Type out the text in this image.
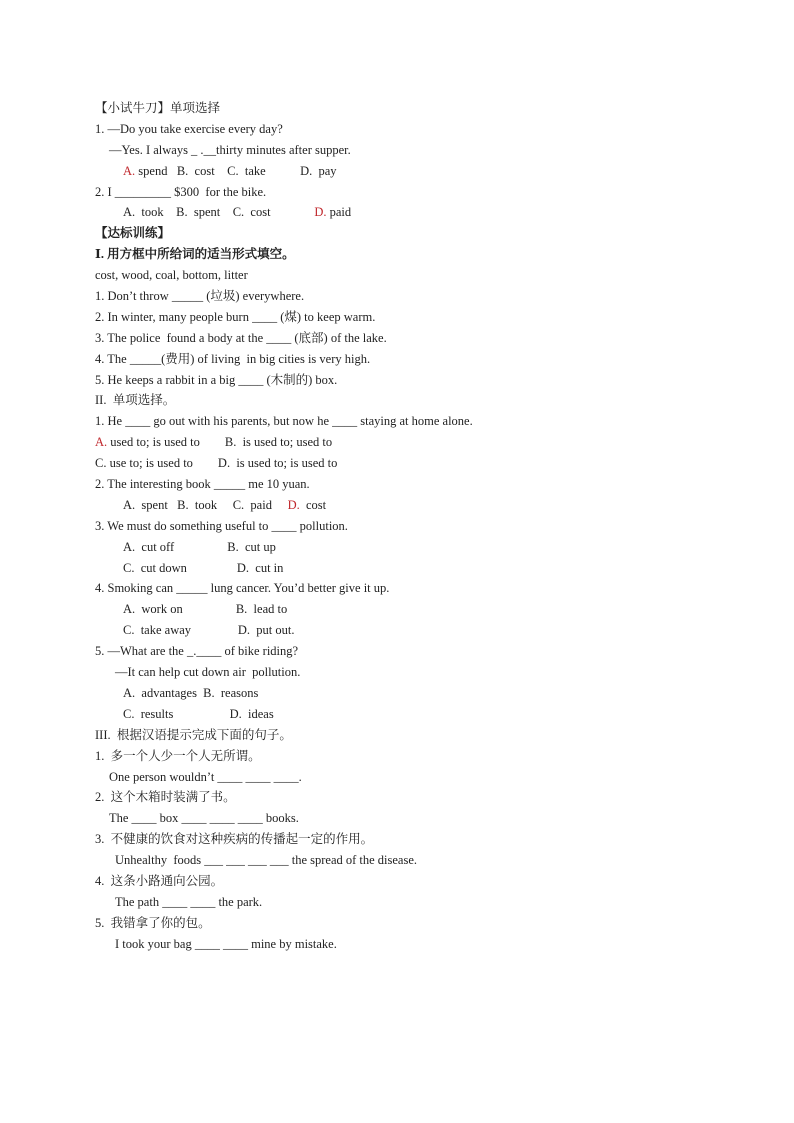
【小试牛刀】单项选择
1. —Do you take exercise every day?
—Yes. I always _ .__thirty minutes after supper.
A. spend   B.  cost    C.  take           D.  pay
2. I _________ $300  for the bike.
A.  took    B.  spent    C.  cost              D. paid
【达标训练】
Ⅰ. 用方框中所给词的适当形式填空。
cost, wood, coal, bottom, litter
1. Don’t throw _____ (垃圾) everywhere.
2. In winter, many people burn ____ (煤) to keep warm.
3. The police  found a body at the ____ (底部) of the lake.
4. The _____(费用) of living  in big cities is very high.
5. He keeps a rabbit in a big ____ (木制的) box.
II.  单项选择。
1. He ____ go out with his parents, but now he ____ staying at home alone.
A. used to; is used to        B.  is used to; used to
C. use to; is used to        D.  is used to; is used to
2. The interesting book _____ me 10 yuan.
A.  spent   B.  took     C.  paid     D.  cost
3. We must do something useful to ____ pollution.
A.  cut off                 B.  cut up
C.  cut down                D.  cut in
4. Smoking can _____ lung cancer. You’d better give it up.
A.  work on                 B.  lead to
C.  take away               D.  put out.
5. —What are the _.____ of bike riding?
—It can help cut down air  pollution.
A.  advantages  B.  reasons
C.  results                  D.  ideas
III.  根据汉语提示完成下面的句子。
1.  多一个人少一个人无所谓。
One person wouldn’t ____ ____ ____.
2.  这个木箱时装满了书。
The ____ box ____ ____ ____ books.
3.  不健康的饮食对这种疾病的传播起一定的作用。
Unhealthy  foods ___ ___ ___ ___ the spread of the disease.
4.  这条小路通向公园。
The path ____ ____ the park.
5.  我错拿了你的包。
I took your bag ____ ____ mine by mistake.
